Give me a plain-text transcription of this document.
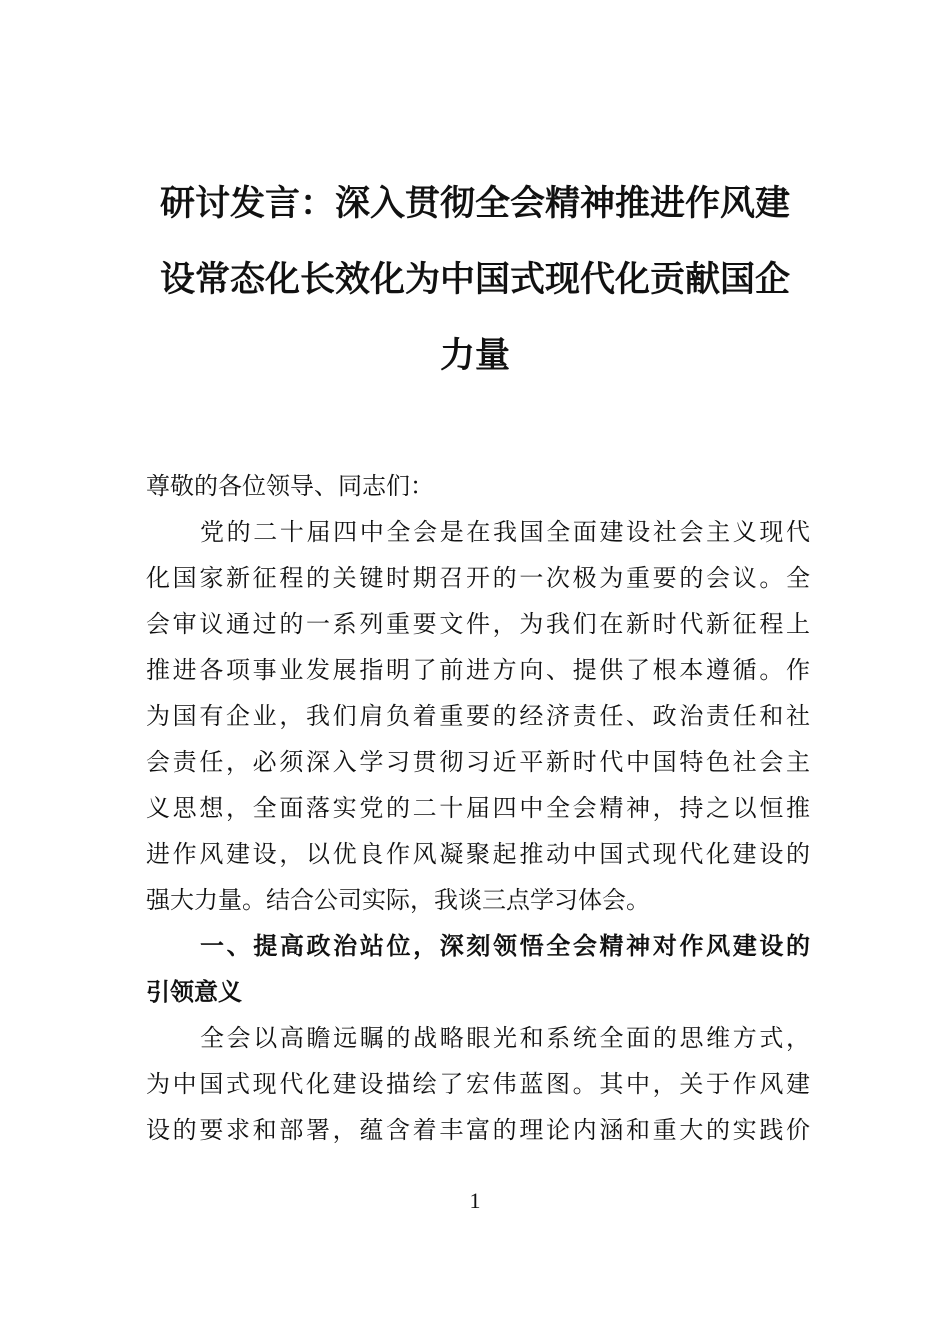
研讨发言：深入贯彻全会精神推进作风建
设常态化长效化为中国式现代化贡献国企
力量
尊敬的各位领导、同志们：
党的二十届四中全会是在我国全面建设社会主义现代
化国家新征程的关键时期召开的一次极为重要的会议。全
会审议通过的一系列重要文件，为我们在新时代新征程上
推进各项事业发展指明了前进方向、提供了根本遵循。作
为国有企业，我们肩负着重要的经济责任、政治责任和社
会责任，必须深入学习贯彻习近平新时代中国特色社会主
义思想，全面落实党的二十届四中全会精神，持之以恒推
进作风建设，以优良作风凝聚起推动中国式现代化建设的
强大力量。结合公司实际，我谈三点学习体会。
一、提高政治站位，深刻领悟全会精神对作风建设的
引领意义
全会以高瞻远瞩的战略眼光和系统全面的思维方式，
为中国式现代化建设描绘了宏伟蓝图。其中，关于作风建
设的要求和部署，蕴含着丰富的理论内涵和重大的实践价
1
